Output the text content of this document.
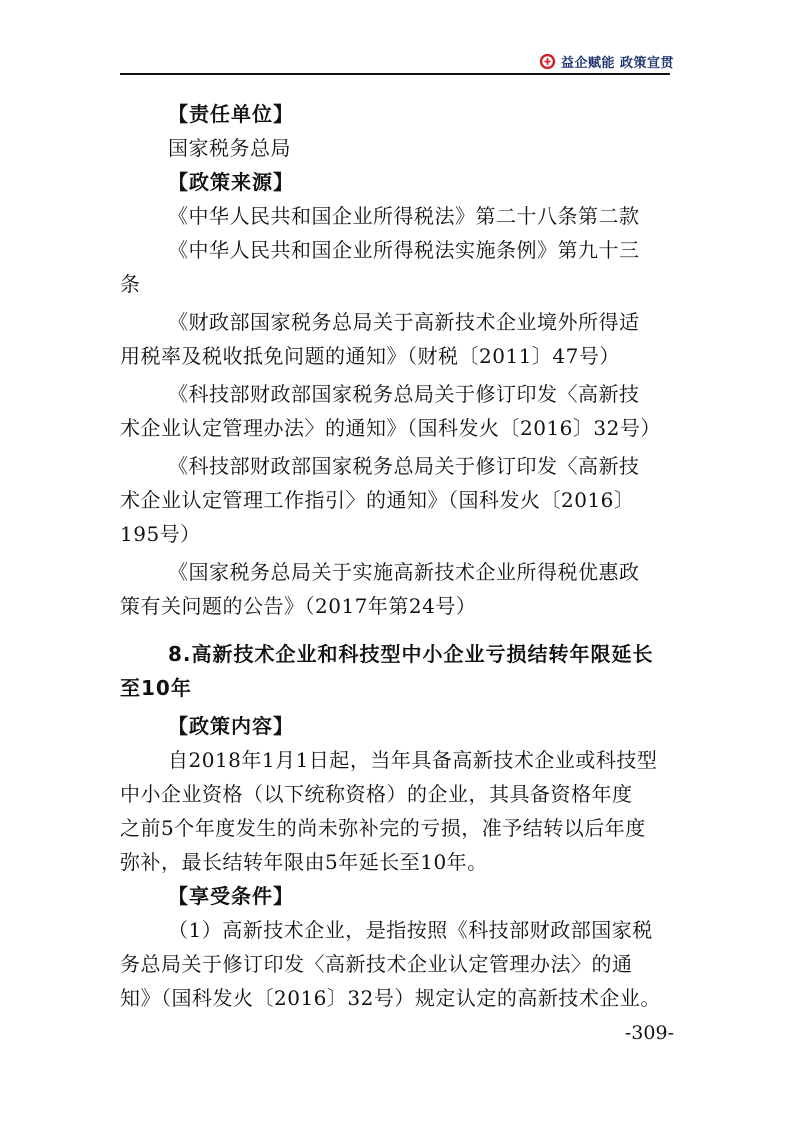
益企赋能 政策宣贯
【责任单位】
国家税务总局
【政策来源】
《中华人民共和国企业所得税法》第二十八条第二款
《中华人民共和国企业所得税法实施条例》第九十三
条
《财政部国家税务总局关于高新技术企业境外所得适
用税率及税收抵免问题的通知》（财税〔2011〕47号）
《科技部财政部国家税务总局关于修订印发〈高新技
术企业认定管理办法〉的通知》（国科发火〔2016〕32号）
《科技部财政部国家税务总局关于修订印发〈高新技
术企业认定管理工作指引〉的通知》（国科发火〔2016〕
195号）
《国家税务总局关于实施高新技术企业所得税优惠政
策有关问题的公告》（2017年第24号）
8.高新技术企业和科技型中小企业亏损结转年限延长
至10年
【政策内容】
自2018年1月1日起，当年具备高新技术企业或科技型
中小企业资格（以下统称资格）的企业，其具备资格年度
之前5个年度发生的尚未弥补完的亏损，准予结转以后年度
弥补，最长结转年限由5年延长至10年。
【享受条件】
（1）高新技术企业，是指按照《科技部财政部国家税
务总局关于修订印发〈高新技术企业认定管理办法〉的通
知》（国科发火〔2016〕32号）规定认定的高新技术企业。
-309-
